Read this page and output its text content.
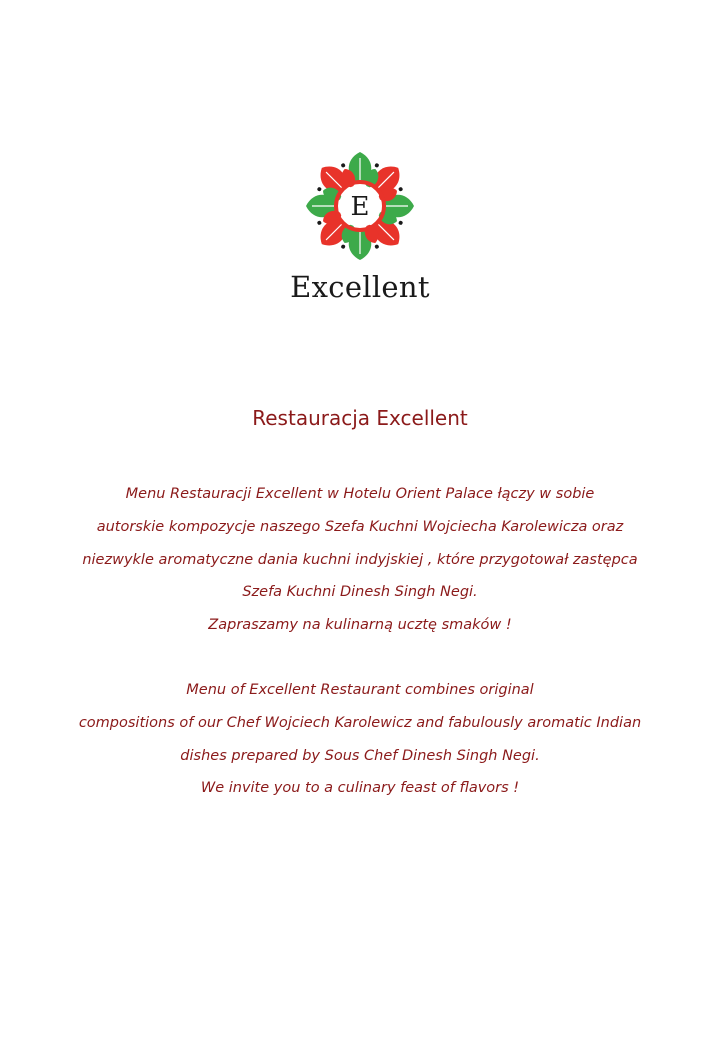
E
Excellent
Restauracja Excellent
Menu Restauracji Excellent w Hotelu Orient Palace łączy w sobie
autorskie kompozycje naszego Szefa Kuchni Wojciecha Karolewicza oraz
niezwykle aromatyczne dania kuchni indyjskiej , które przygotował zastępca
Szefa Kuchni Dinesh Singh Negi.
Zapraszamy na kulinarną ucztę smaków !
Menu of Excellent Restaurant combines original
compositions of our Chef Wojciech Karolewicz and fabulously aromatic Indian
dishes prepared by Sous Chef Dinesh Singh Negi.
We invite you to a culinary feast of flavors !
